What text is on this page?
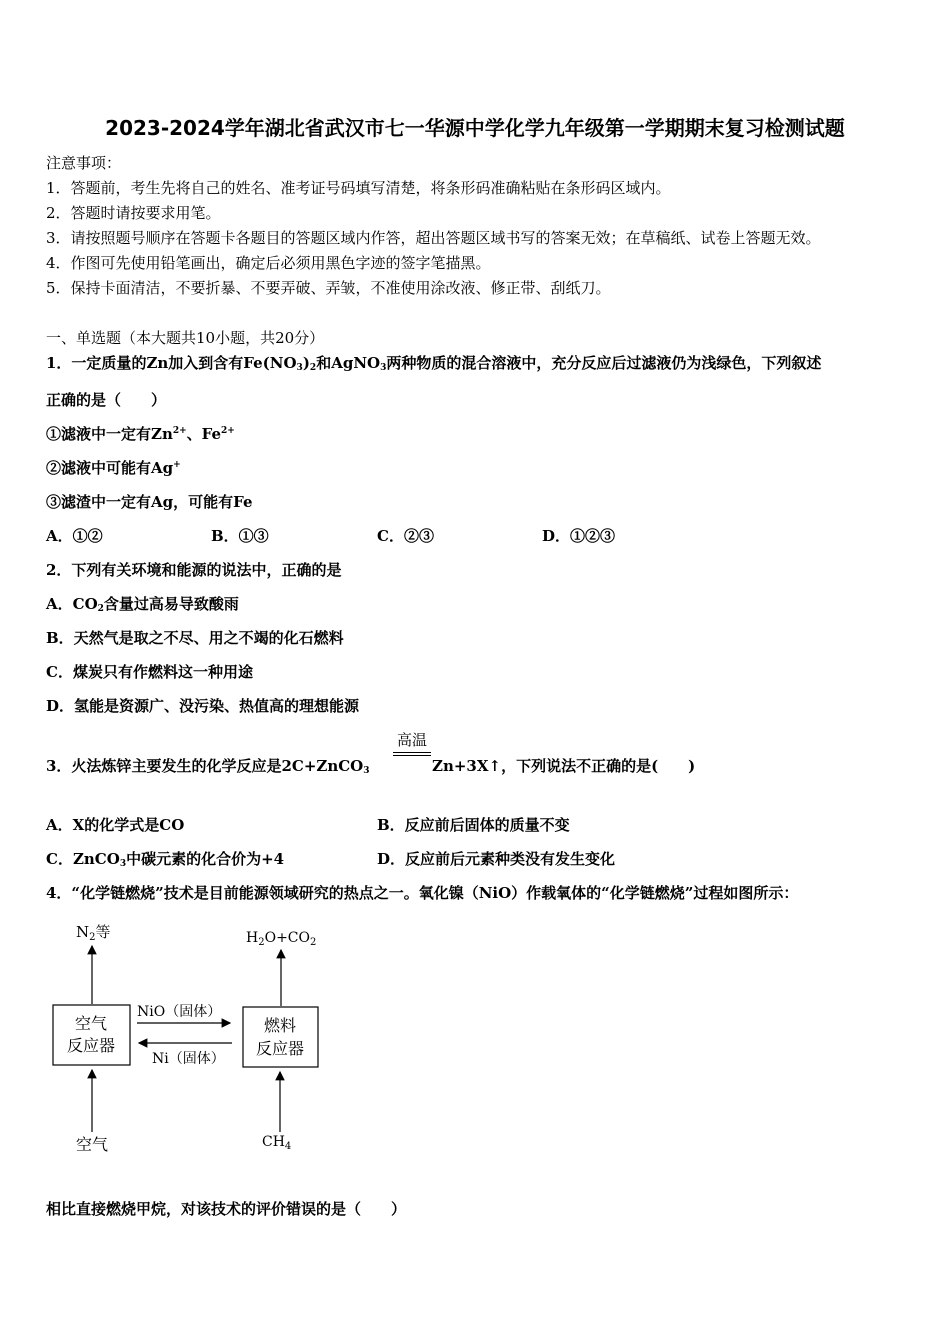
2023-2024学年湖北省武汉市七一华源中学化学九年级第一学期期末复习检测试题
注意事项：
1．答题前，考生先将自己的姓名、准考证号码填写清楚，将条形码准确粘贴在条形码区域内。
2．答题时请按要求用笔。
3．请按照题号顺序在答题卡各题目的答题区域内作答，超出答题区域书写的答案无效；在草稿纸、试卷上答题无效。
4．作图可先使用铅笔画出，确定后必须用黑色字迹的签字笔描黑。
5．保持卡面清洁，不要折暴、不要弄破、弄皱，不准使用涂改液、修正带、刮纸刀。
一、单选题（本大题共10小题，共20分）
1．一定质量的Zn加入到含有$Fe(NO_3)_2$和AgNO$_3$两种物质的混合溶液中，充分反应后过滤液仍为浅绿色，下列叙述
正确的是（　　）
①滤液中一定有$Zn^{2+}$、$Fe^{2+}$
②滤液中可能有Ag+
③滤渣中一定有Ag，可能有Fe
A．①②	B．①③	C．②③	D．①②③
2．下列有关环境和能源的说法中，正确的是
A．$CO_2$含量过高易导致酸雨
B．天然气是取之不尽、用之不竭的化石燃料
C．煤炭只有作燃料这一种用途
D．氢能是资源广、没污染、热值高的理想能源
3．火法炼锌主要发生的化学反应是2C+ZnCO$_3$
高温
Zn+3X↑，下列说法不正确的是(　　)
A．X的化学式是CO	B．反应前后固体的质量不变
C．ZnCO$_3$中碳元素的化合价为+4	D．反应前后元素种类没有发生变化
4．“化学链燃烧”技术是目前能源领域研究的热点之一。氧化镍（NiO）作载氧体的“化学链燃烧”过程如图所示：
$N_2$等	$H_2O+CO_2$
空气
反应器
燃料
反应器
NiO（固体）
Ni（固体）
空气	$CH_4$
相比直接燃烧甲烷，对该技术的评价错误的是（　　）
